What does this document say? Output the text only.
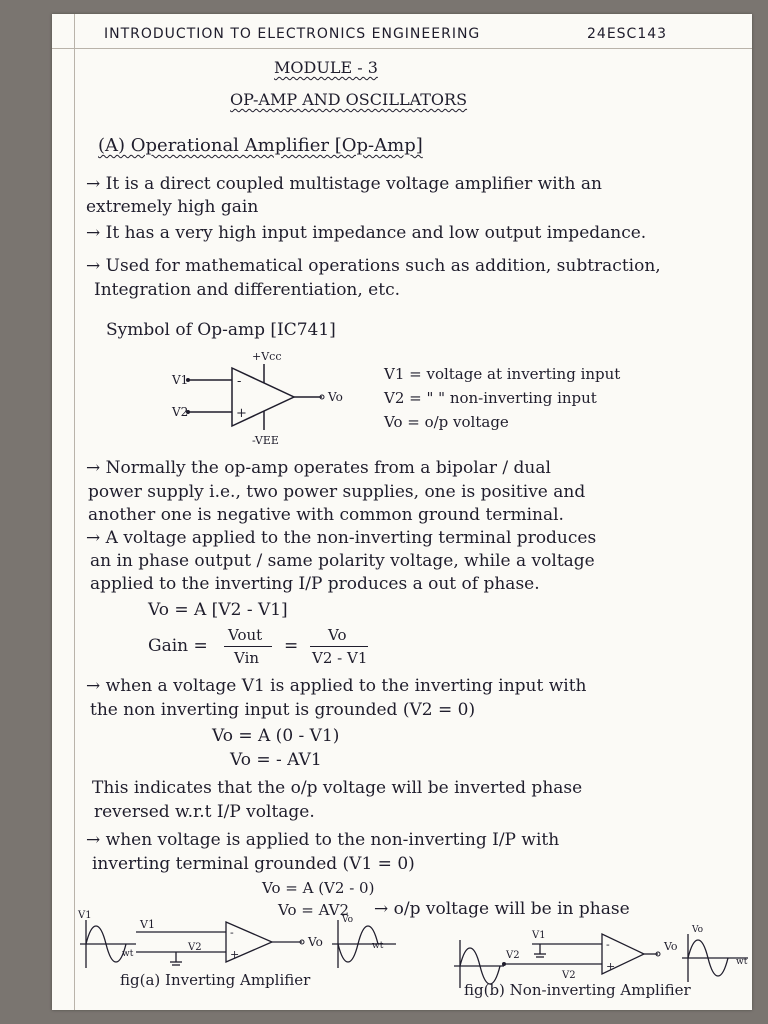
INTRODUCTION TO ELECTRONICS ENGINEERING	24ESC143
MODULE - 3
OP-AMP AND OSCILLATORS
(A) Operational Amplifier [Op-Amp]
→ It is a direct coupled multistage voltage amplifier with an
extremely high gain
→ It has a very high input impedance and low output impedance.
→ Used for mathematical operations such as addition, subtraction,
Integration and differentiation, etc.
Symbol of Op-amp [IC741]
V1
V2
Vo
+Vcc
-VEE
-
+
V1 = voltage at inverting input
V2 = " " non-inverting input
Vo = o/p voltage
→ Normally the op-amp operates from a bipolar / dual
power supply i.e., two power supplies, one is positive and
another one is negative with common ground terminal.
→ A voltage applied to the non-inverting terminal produces
an in phase output / same polarity voltage, while a voltage
applied to the inverting I/P produces a out of phase.
Vo = A [V2 - V1]
Gain =
Vout
Vin
=
Vo
V2 - V1
→ when a voltage V1 is applied to the inverting input with
the non inverting input is grounded (V2 = 0)
Vo = A (0 - V1)
Vo = - AV1
This indicates that the o/p voltage will be inverted phase
reversed w.r.t I/P voltage.
→ when voltage is applied to the non-inverting I/P with
inverting terminal grounded (V1 = 0)
Vo = A (V2 - 0)
Vo = AV2 → o/p voltage will be in phase
V1
V1
V2
wt
-
+
Vo
Vo
wt
fig(a) Inverting Amplifier
V2
V1
V2
-
+
Vo
Vo
wt
fig(b) Non-inverting Amplifier
